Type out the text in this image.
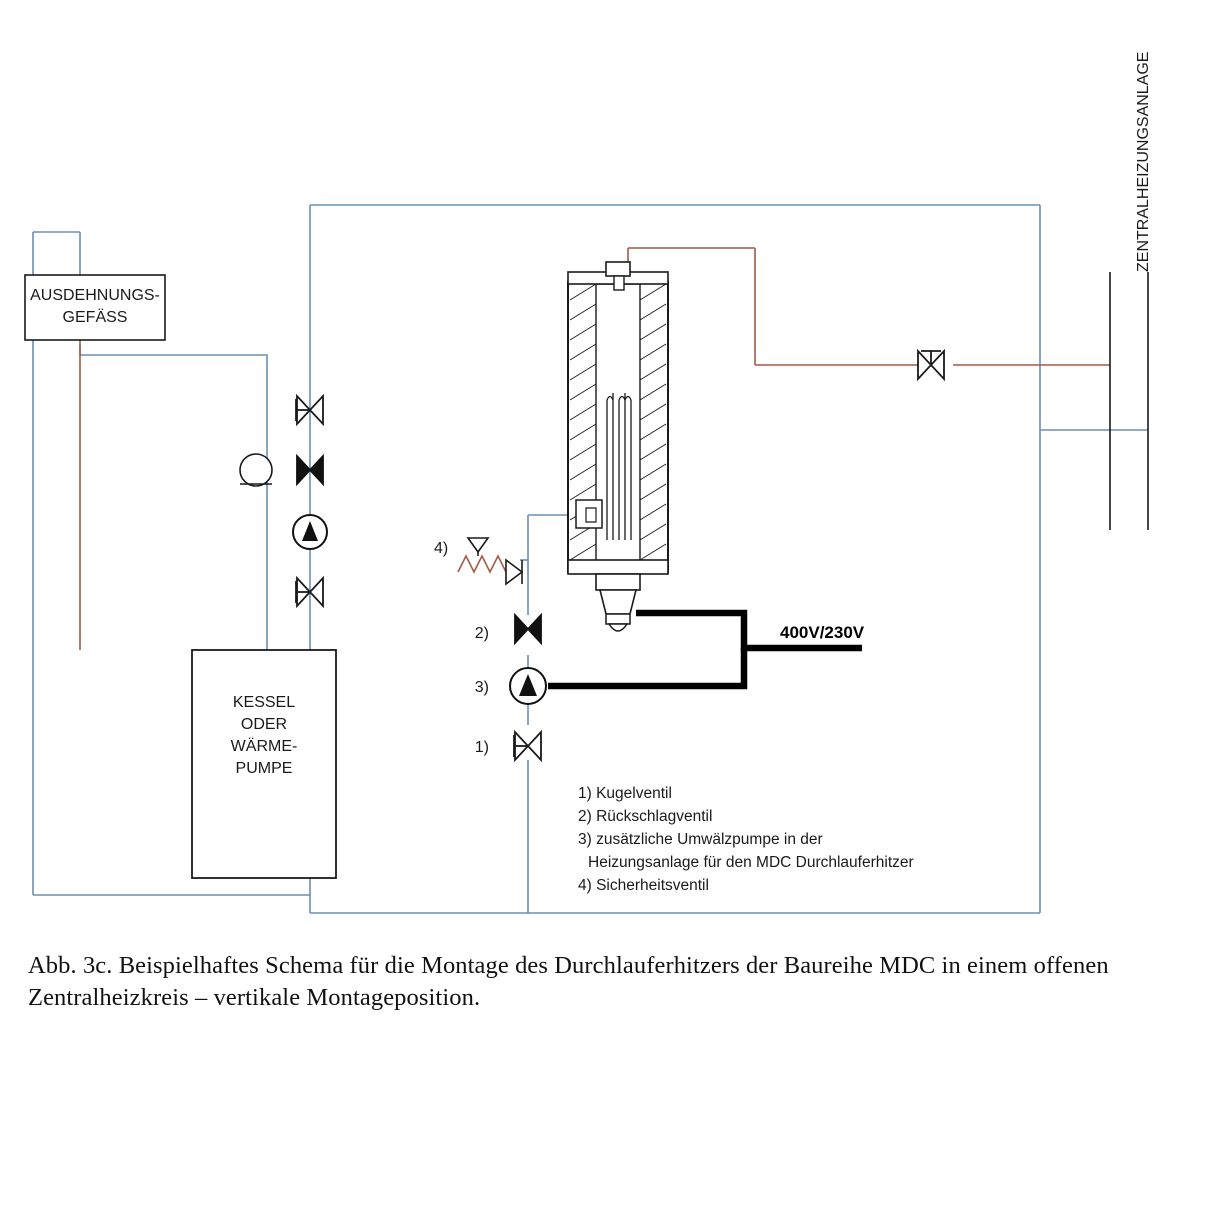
AUSDEHNUNGS-
GEFÄSS
KESSEL
ODER
WÄRME-
PUMPE
ZENTRALHEIZUNGSANLAGE
400V/230V
4)
2)
3)
1)
1) Kugelventil
2) Rückschlagventil
3) zusätzliche Umwälzpumpe in der
Heizungsanlage für den MDC Durchlauferhitzer
4) Sicherheitsventil
Abb. 3c. Beispielhaftes Schema für die Montage des Durchlauferhitzers der Baureihe MDC in einem offenen Zentralheizkreis – vertikale Montageposition.
